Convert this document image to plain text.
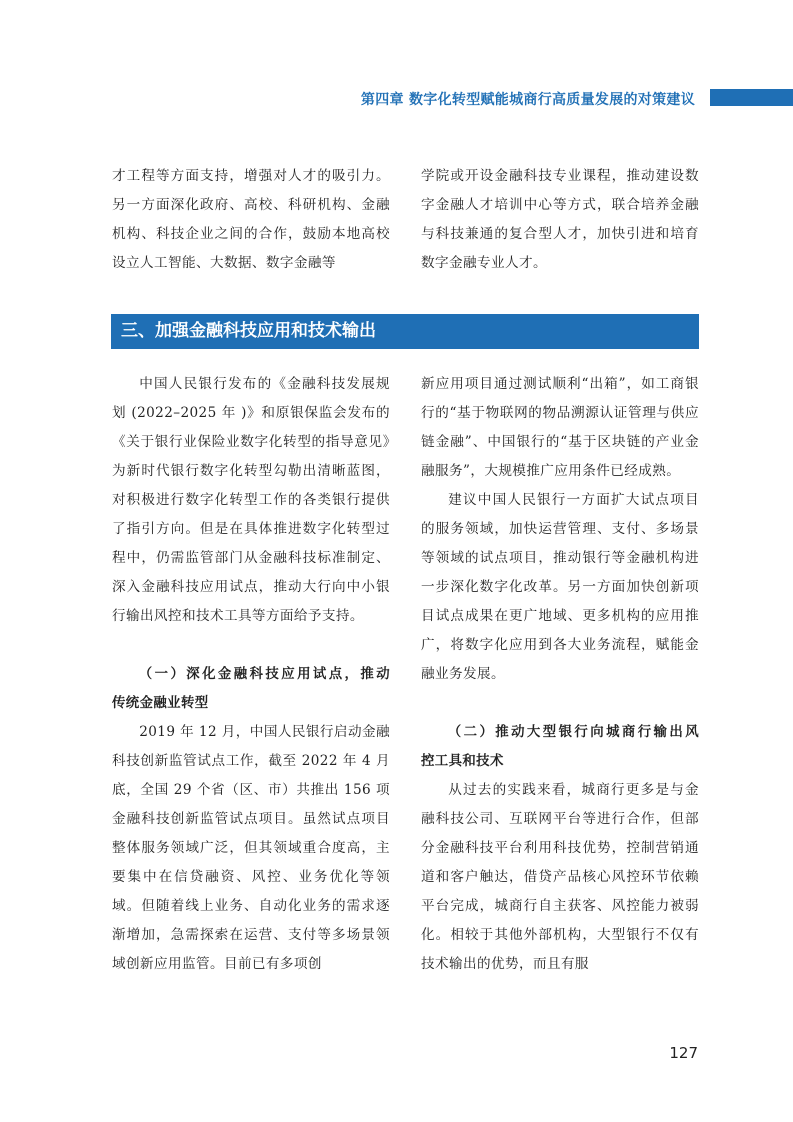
第四章 数字化转型赋能城商行高质量发展的对策建议

才工程等方面支持，增强对人才的吸引力。另一方面深化政府、高校、科研机构、金融机构、科技企业之间的合作，鼓励本地高校设立人工智能、大数据、数字金融等

学院或开设金融科技专业课程，推动建设数字金融人才培训中心等方式，联合培养金融与科技兼通的复合型人才，加快引进和培育数字金融专业人才。

三、加强金融科技应用和技术输出

中国人民银行发布的《金融科技发展规划 (2022–2025 年 )》和原银保监会发布的《关于银行业保险业数字化转型的指导意见》为新时代银行数字化转型勾勒出清晰蓝图，对积极进行数字化转型工作的各类银行提供了指引方向。但是在具体推进数字化转型过程中，仍需监管部门从金融科技标准制定、深入金融科技应用试点，推动大行向中小银行输出风控和技术工具等方面给予支持。

（一）深化金融科技应用试点，推动
传统金融业转型

2019 年 12 月，中国人民银行启动金融科技创新监管试点工作，截至 2022 年 4 月底，全国 29 个省（区、市）共推出 156 项金融科技创新监管试点项目。虽然试点项目整体服务领域广泛，但其领域重合度高，主要集中在信贷融资、风控、业务优化等领域。但随着线上业务、自动化业务的需求逐渐增加，急需探索在运营、支付等多场景领域创新应用监管。目前已有多项创

新应用项目通过测试顺利“出箱”，如工商银行的“基于物联网的物品溯源认证管理与供应链金融”、中国银行的“基于区块链的产业金融服务”，大规模推广应用条件已经成熟。

建议中国人民银行一方面扩大试点项目的服务领域，加快运营管理、支付、多场景等领域的试点项目，推动银行等金融机构进一步深化数字化改革。另一方面加快创新项目试点成果在更广地域、更多机构的应用推广，将数字化应用到各大业务流程，赋能金融业务发展。

（二）推动大型银行向城商行输出风
控工具和技术

从过去的实践来看，城商行更多是与金融科技公司、互联网平台等进行合作，但部分金融科技平台利用科技优势，控制营销通道和客户触达，借贷产品核心风控环节依赖平台完成，城商行自主获客、风控能力被弱化。相较于其他外部机构，大型银行不仅有技术输出的优势，而且有服

127
